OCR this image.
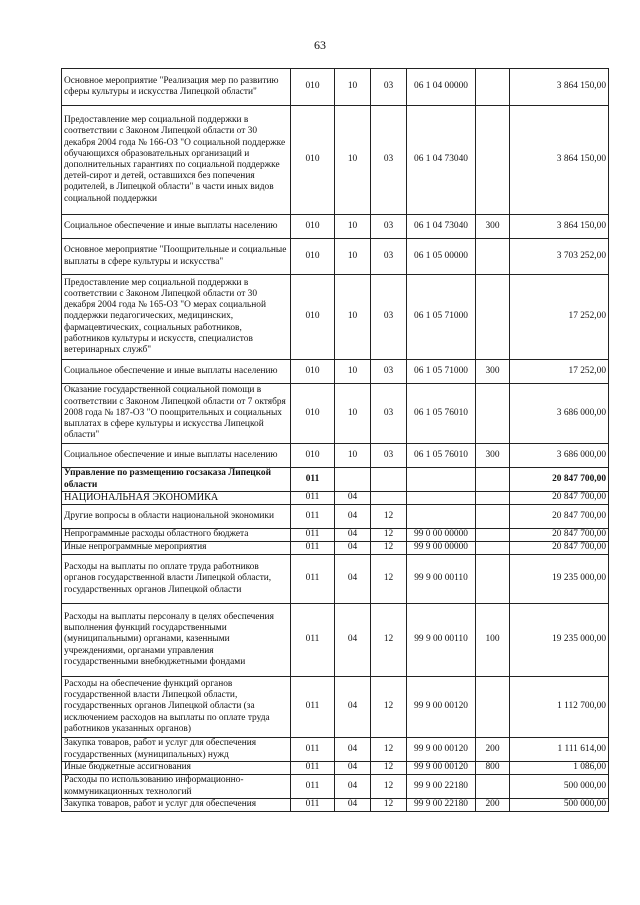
63
Основное мероприятие "Реализация мер по развитию сферы культуры и искусства Липецкой области"	010	10	03	06 1 04 00000		3 864 150,00
Предоставление мер социальной поддержки в соответствии с Законом Липецкой области от 30 декабря 2004 года № 166-ОЗ "О социальной поддержке обучающихся образовательных организаций и дополнительных гарантиях по социальной поддержке детей-сирот и детей, оставшихся без попечения родителей, в Липецкой области" в части иных видов социальной поддержки	010	10	03	06 1 04 73040		3 864 150,00
Социальное обеспечение и иные выплаты населению	010	10	03	06 1 04 73040	300	3 864 150,00
Основное мероприятие "Поощрительные и социальные выплаты в сфере культуры и искусства"	010	10	03	06 1 05 00000		3 703 252,00
Предоставление мер социальной поддержки в соответствии с Законом Липецкой области от 30 декабря 2004 года № 165-ОЗ "О мерах социальной поддержки педагогических, медицинских, фармацевтических, социальных работников, работников культуры и искусств, специалистов ветеринарных служб"	010	10	03	06 1 05 71000		17 252,00
Социальное обеспечение и иные выплаты населению	010	10	03	06 1 05 71000	300	17 252,00
Оказание государственной социальной помощи в соответствии с Законом Липецкой области от 7 октября 2008 года № 187-ОЗ "О поощрительных и социальных выплатах в сфере культуры и искусства Липецкой области"	010	10	03	06 1 05 76010		3 686 000,00
Социальное обеспечение и иные выплаты населению	010	10	03	06 1 05 76010	300	3 686 000,00
Управление по размещению госзаказа Липецкой области	011					20 847 700,00
НАЦИОНАЛЬНАЯ ЭКОНОМИКА	011	04				20 847 700,00
Другие вопросы в области национальной экономики	011	04	12			20 847 700,00
Непрограммные расходы областного бюджета	011	04	12	99 0 00 00000		20 847 700,00
Иные непрограммные мероприятия	011	04	12	99 9 00 00000		20 847 700,00
Расходы на выплаты по оплате труда работников органов государственной власти Липецкой области, государственных органов Липецкой области	011	04	12	99 9 00 00110		19 235 000,00
Расходы на выплаты персоналу в целях обеспечения выполнения функций государственными (муниципальными) органами, казенными учреждениями, органами управления государственными внебюджетными фондами	011	04	12	99 9 00 00110	100	19 235 000,00
Расходы на обеспечение функций органов государственной власти Липецкой области, государственных органов Липецкой области (за исключением расходов на выплаты по оплате труда работников указанных органов)	011	04	12	99 9 00 00120		1 112 700,00
Закупка товаров, работ и услуг для обеспечения государственных (муниципальных) нужд	011	04	12	99 9 00 00120	200	1 111 614,00
Иные бюджетные ассигнования	011	04	12	99 9 00 00120	800	1 086,00
Расходы по использованию информационно-коммуникационных технологий	011	04	12	99 9 00 22180		500 000,00
Закупка товаров, работ и услуг для обеспечения	011	04	12	99 9 00 22180	200	500 000,00
